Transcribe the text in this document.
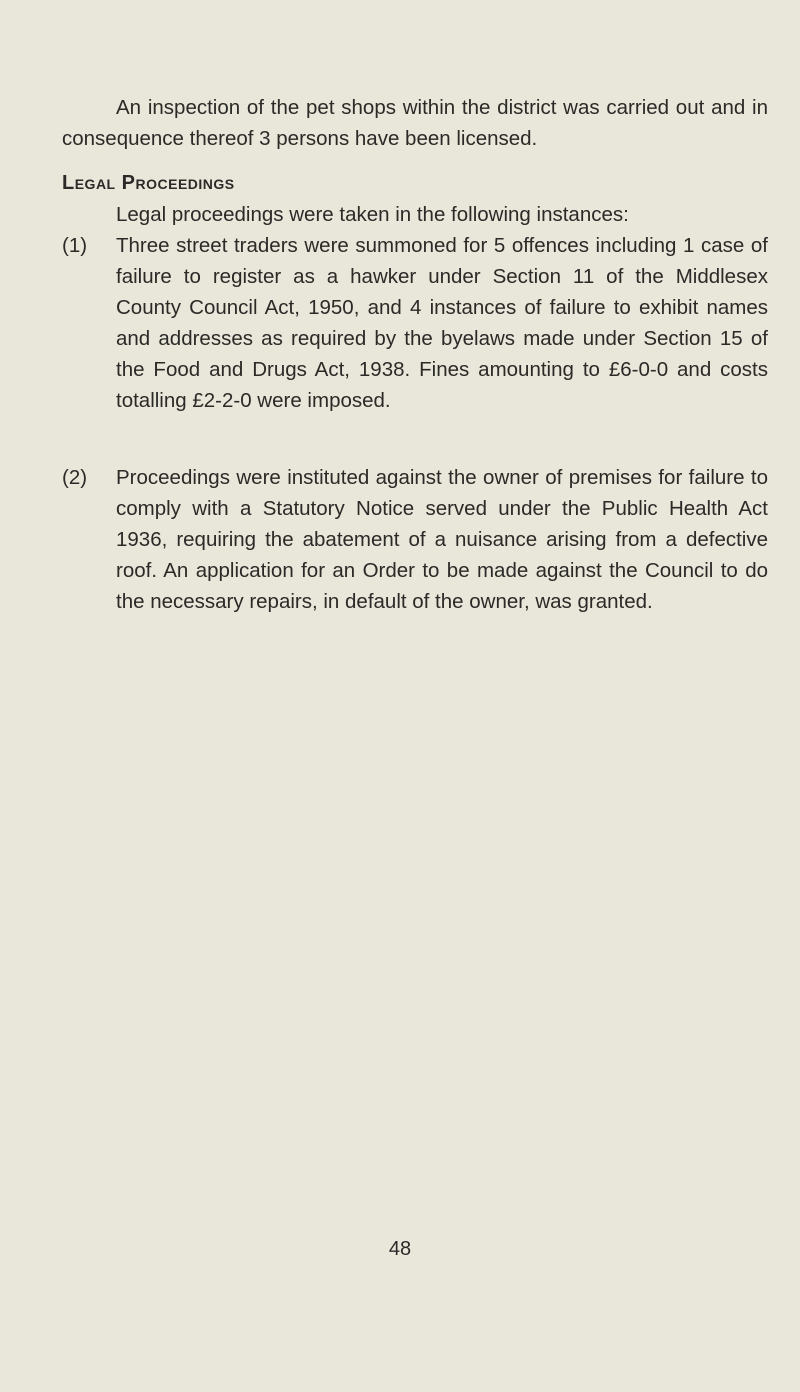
An inspection of the pet shops within the district was carried out and in consequence thereof 3 persons have been licensed.

Legal Proceedings

Legal proceedings were taken in the following instances:

(1) Three street traders were summoned for 5 offences including 1 case of failure to register as a hawker under Section 11 of the Middlesex County Council Act, 1950, and 4 instances of failure to exhibit names and addresses as required by the byelaws made under Section 15 of the Food and Drugs Act, 1938. Fines amounting to £6-0-0 and costs totalling £2-2-0 were imposed.

(2) Proceedings were instituted against the owner of premises for failure to comply with a Statutory Notice served under the Public Health Act 1936, requiring the abatement of a nuisance arising from a defective roof. An application for an Order to be made against the Council to do the necessary repairs, in default of the owner, was granted.

48
